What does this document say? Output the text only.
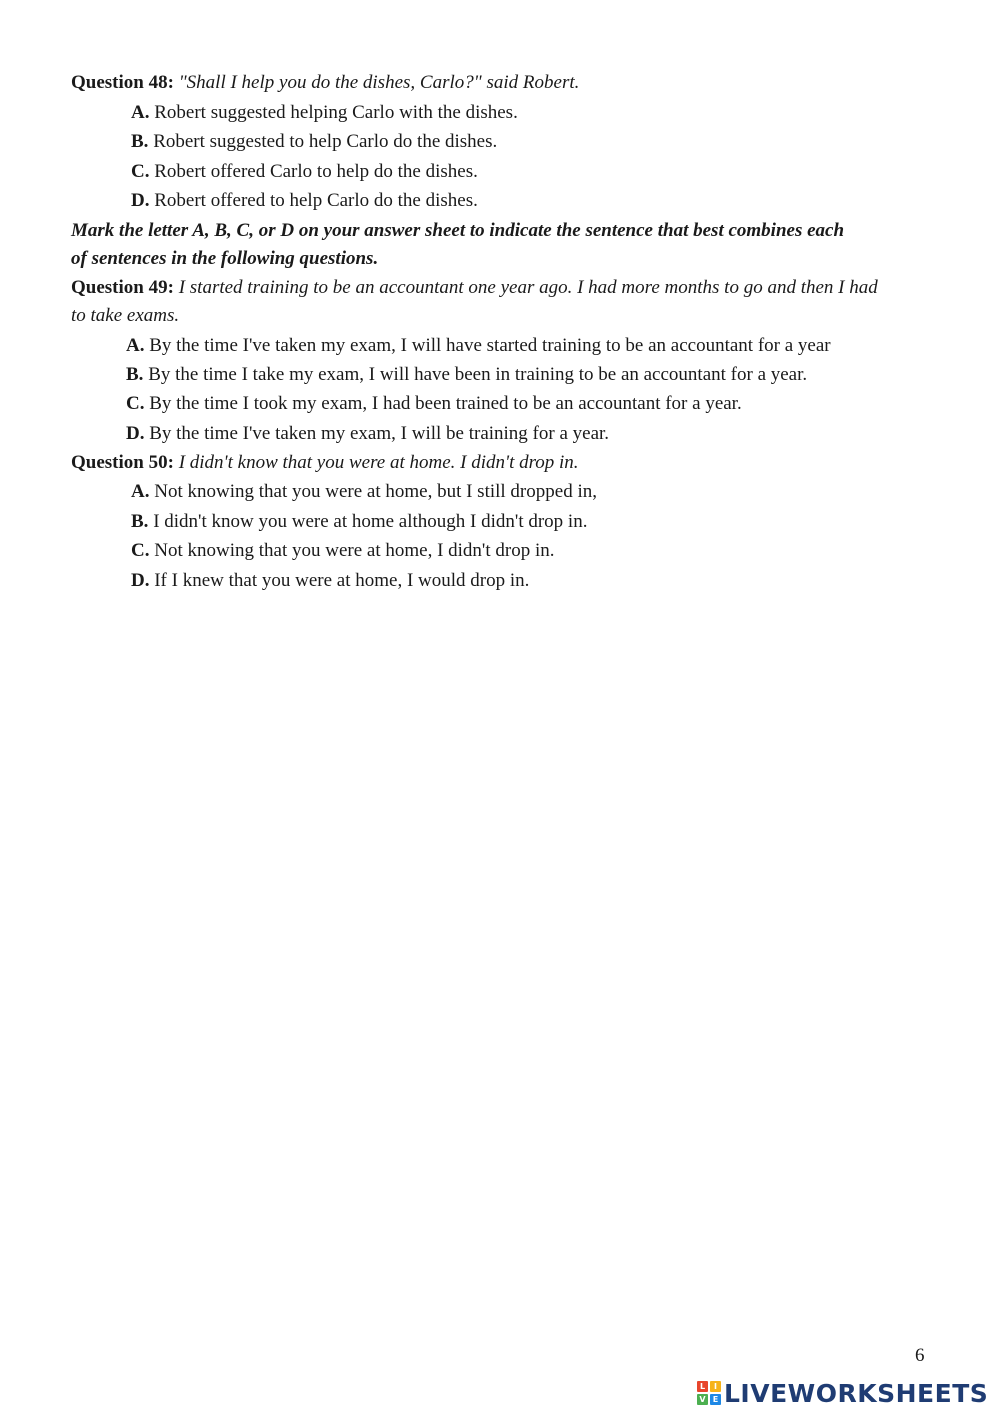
Question 48: "Shall I help you do the dishes, Carlo?" said Robert.
A. Robert suggested helping Carlo with the dishes.
B. Robert suggested to help Carlo do the dishes.
C. Robert offered Carlo to help do the dishes.
D. Robert offered to help Carlo do the dishes.
Mark the letter A, B, C, or D on your answer sheet to indicate the sentence that best combines each
of sentences in the following questions.
Question 49: I started training to be an accountant one year ago. I had more months to go and then I had
to take exams.
A. By the time I've taken my exam, I will have started training to be an accountant for a year
B. By the time I take my exam, I will have been in training to be an accountant for a year.
C. By the time I took my exam, I had been trained to be an accountant for a year.
D. By the time I've taken my exam, I will be training for a year.
Question 50: I didn't know that you were at home. I didn't drop in.
A. Not knowing that you were at home, but I still dropped in,
B. I didn't know you were at home although I didn't drop in.
C. Not knowing that you were at home, I didn't drop in.
D. If I knew that you were at home, I would drop in.
6
L	I
V E LIVEWORKSHEETS
